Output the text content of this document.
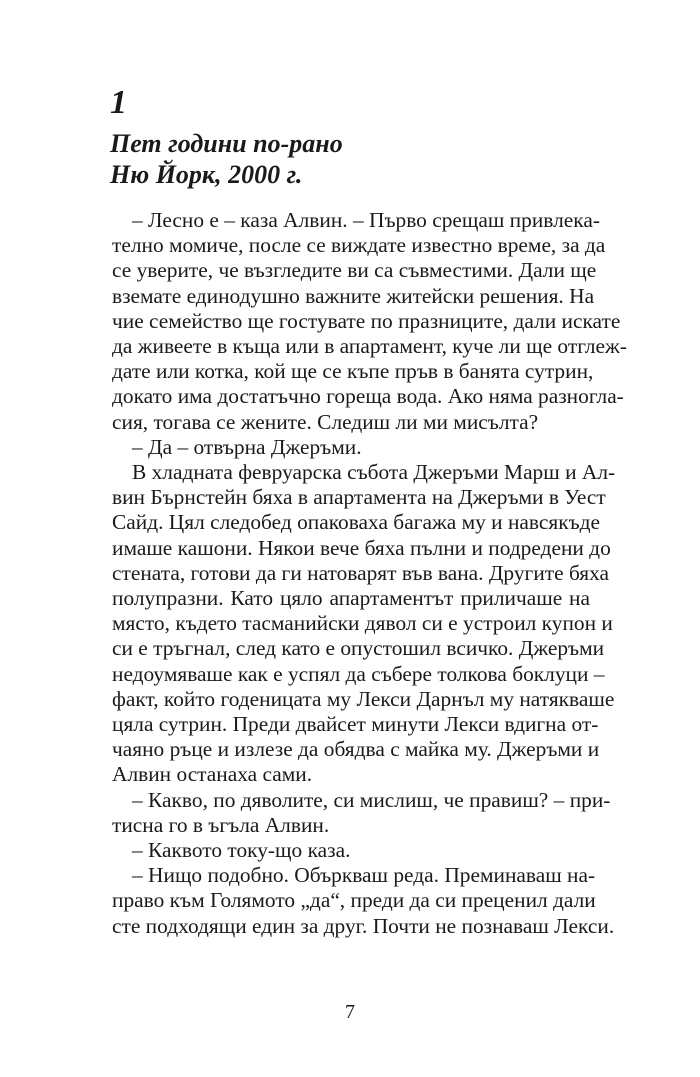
1
Пет години по-рано
Ню Йорк, 2000 г.
– Лесно е – каза Алвин. – Първо срещаш привлека-
телно момиче, после се виждате известно време, за да
се уверите, че възгледите ви са съвместими. Дали ще
вземате единодушно важните житейски решения. На
чие семейство ще гостувате по празниците, дали искате
да живеете в къща или в апартамент, куче ли ще отглеж-
дате или котка, кой ще се къпе пръв в банята сутрин,
докато има достатъчно гореща вода. Ако няма разногла-
сия, тогава се жените. Следиш ли ми мисълта?
– Да – отвърна Джеръми.
В хладната февруарска събота Джеръми Марш и Ал-
вин Бърнстейн бяха в апартамента на Джеръми в Уест
Сайд. Цял следобед опаковаха багажа му и навсякъде
имаше кашони. Някои вече бяха пълни и подредени до
стената, готови да ги натоварят във вана. Другите бяха
полупразни. Като цяло апартаментът приличаше на
място, където тасманийски дявол си е устроил купон и
си е тръгнал, след като е опустошил всичко. Джеръми
недоумяваше как е успял да събере толкова боклуци –
факт, който годеницата му Лекси Дарнъл му натякваше
цяла сутрин. Преди двайсет минути Лекси вдигна от-
чаяно ръце и излезе да обядва с майка му. Джеръми и
Алвин останаха сами.
– Какво, по дяволите, си мислиш, че правиш? – при-
тисна го в ъгъла Алвин.
– Каквото току-що каза.
– Нищо подобно. Объркваш реда. Преминаваш на-
право към Голямото „да“, преди да си преценил дали
сте подходящи един за друг. Почти не познаваш Лекси.
7
